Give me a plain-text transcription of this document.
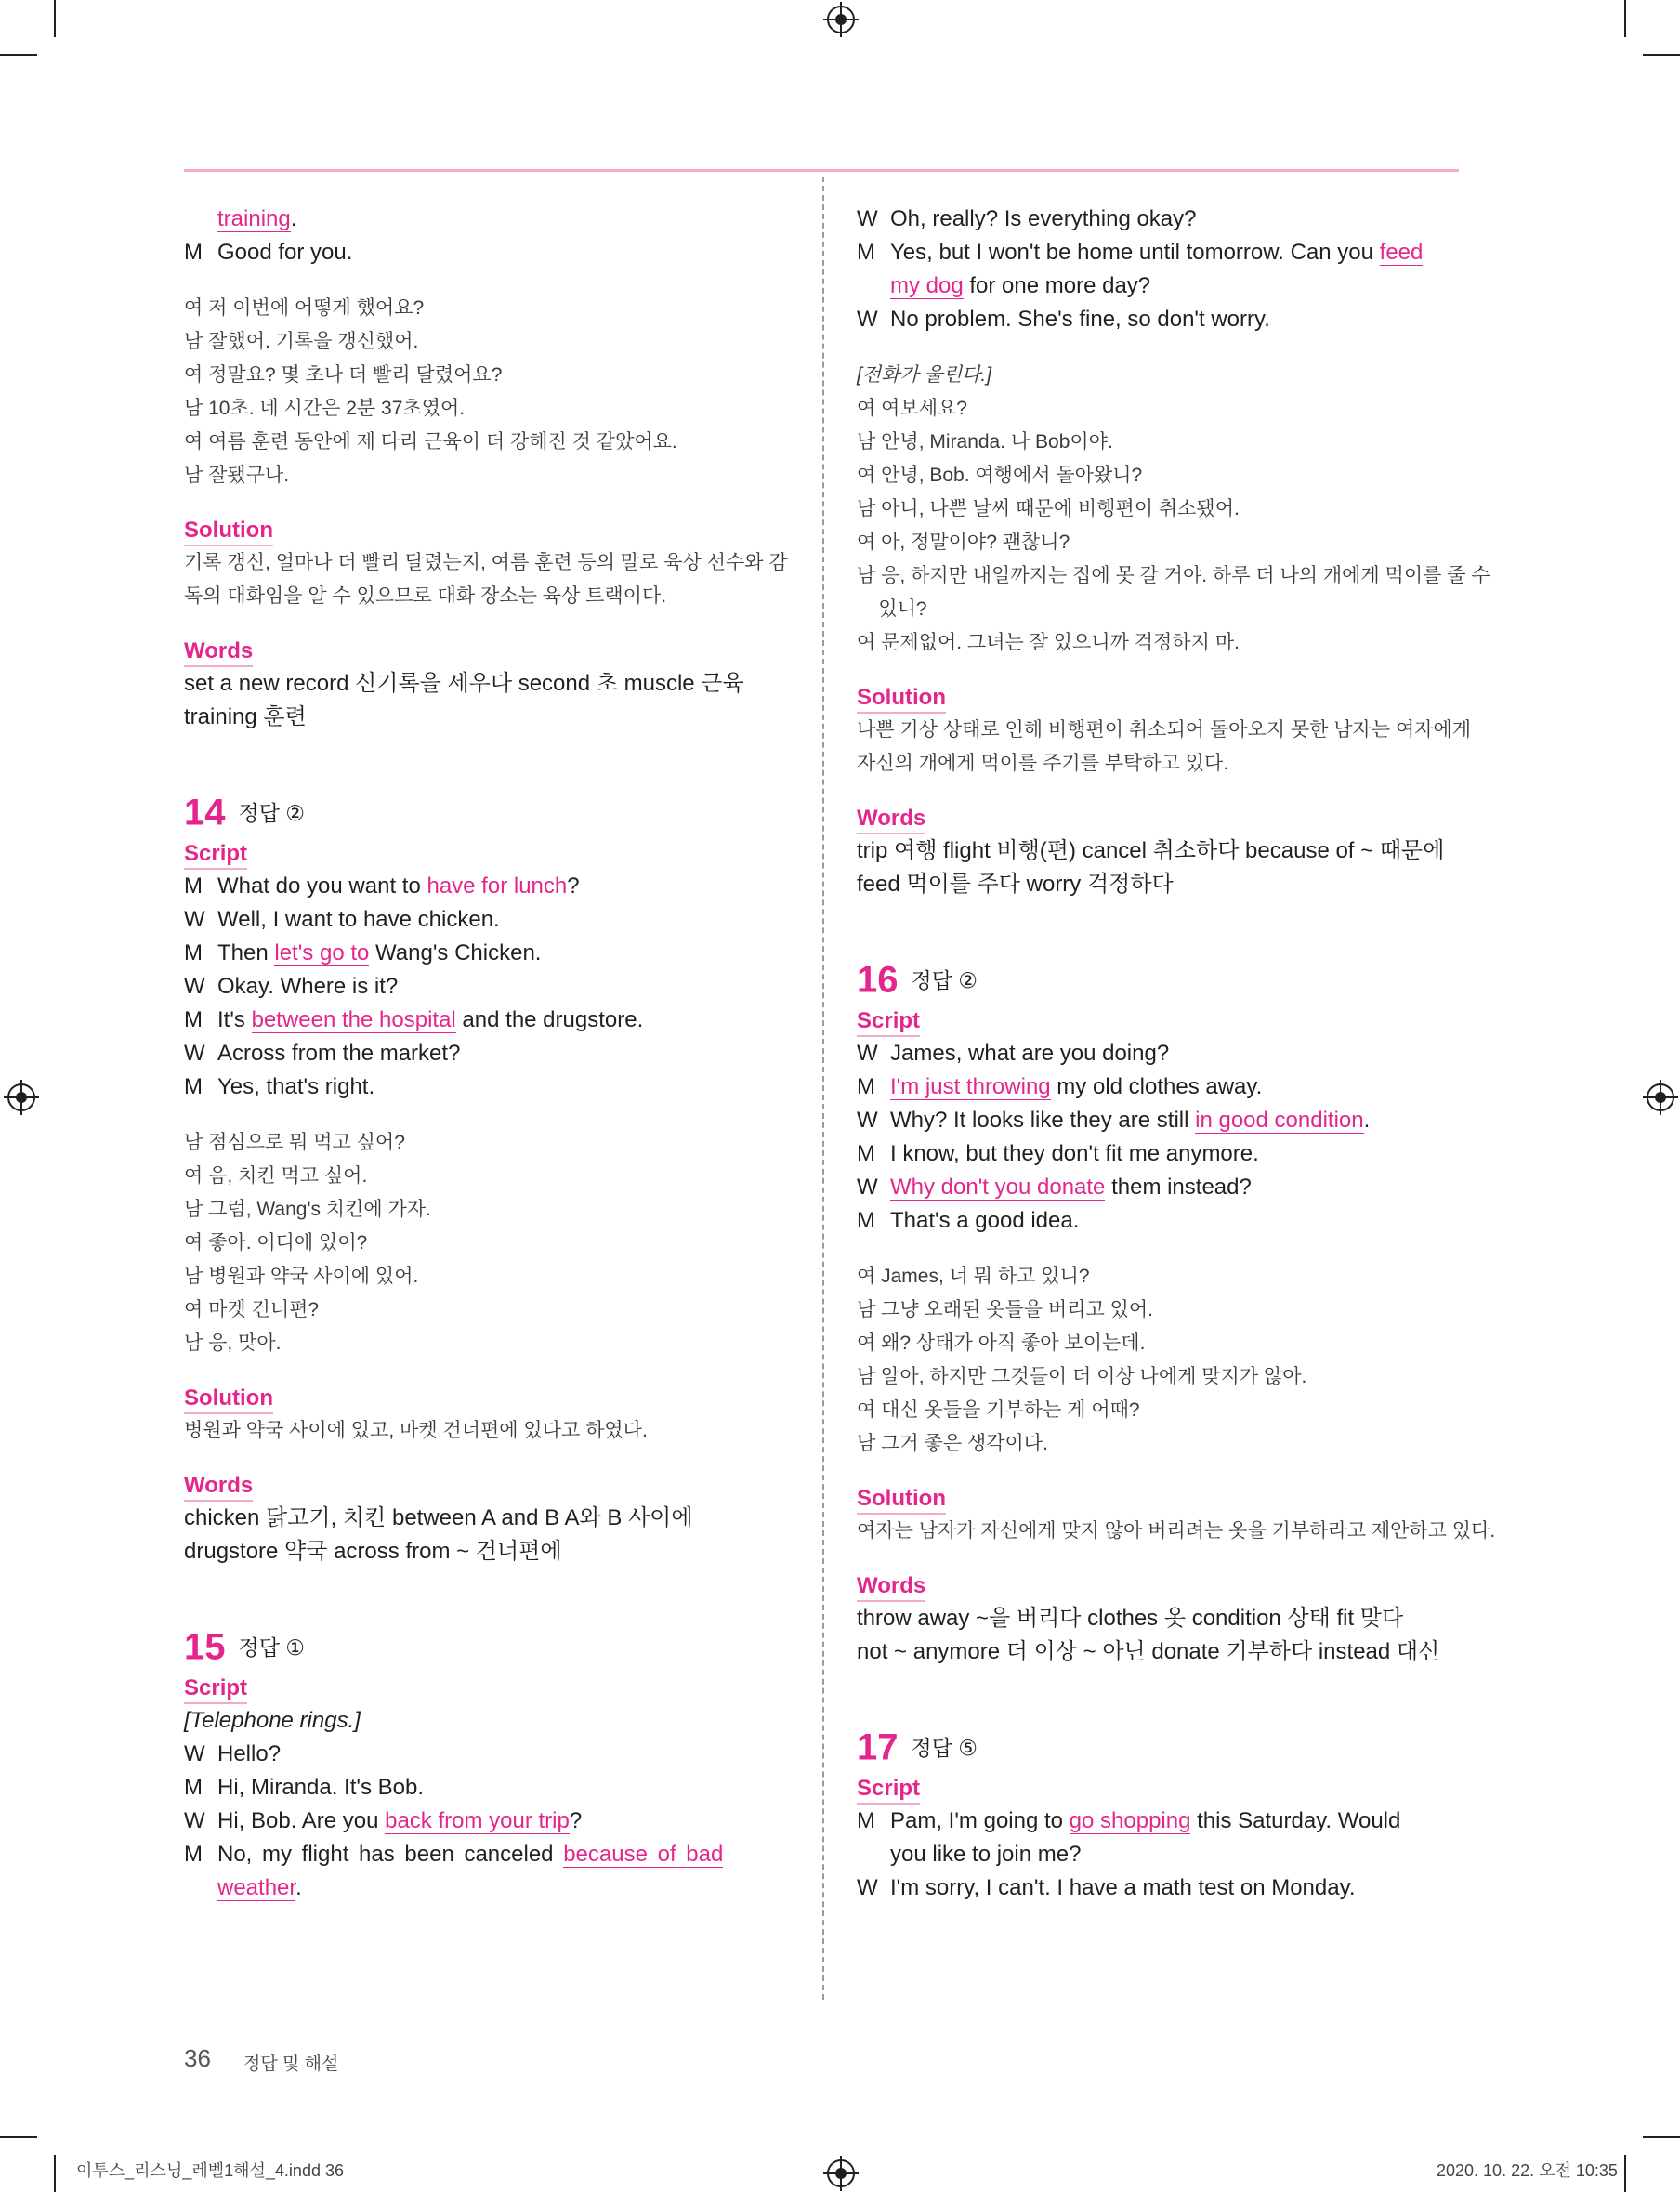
training.
M Good for you.
여 저 이번에 어떻게 했어요?
남 잘했어. 기록을 갱신했어.
여 정말요? 몇 초나 더 빨리 달렸어요?
남 10초. 네 시간은 2분 37초였어.
여 여름 훈련 동안에 제 다리 근육이 더 강해진 것 같았어요.
남 잘됐구나.
Solution
기록 갱신, 얼마나 더 빨리 달렸는지, 여름 훈련 등의 말로 육상 선수와 감
독의 대화임을 알 수 있으므로 대화 장소는 육상 트랙이다.
Words
set a new record 신기록을 세우다 second 초 muscle 근육
training 훈련
14 정답 ②
Script
M What do you want to have for lunch?
W Well, I want to have chicken.
M Then let's go to Wang's Chicken.
W Okay. Where is it?
M It's between the hospital and the drugstore.
W Across from the market?
M Yes, that's right.
남 점심으로 뭐 먹고 싶어?
여 음, 치킨 먹고 싶어.
남 그럼, Wang's 치킨에 가자.
여 좋아. 어디에 있어?
남 병원과 약국 사이에 있어.
여 마켓 건너편?
남 응, 맞아.
Solution
병원과 약국 사이에 있고, 마켓 건너편에 있다고 하였다.
Words
chicken 닭고기, 치킨 between A and B A와 B 사이에
drugstore 약국 across from ~ 건너편에
15 정답 ①
Script
[Telephone rings.]
W Hello?
M Hi, Miranda. It's Bob.
W Hi, Bob. Are you back from your trip?
M No, my flight has been canceled because of bad
weather.
W Oh, really? Is everything okay?
M Yes, but I won't be home until tomorrow. Can you feed
my dog for one more day?
W No problem. She's fine, so don't worry.
[전화가 울린다.]
여 여보세요?
남 안녕, Miranda. 나 Bob이야.
여 안녕, Bob. 여행에서 돌아왔니?
남 아니, 나쁜 날씨 때문에 비행편이 취소됐어.
여 아, 정말이야? 괜찮니?
남 응, 하지만 내일까지는 집에 못 갈 거야. 하루 더 나의 개에게 먹이를 줄 수
있니?
여 문제없어. 그녀는 잘 있으니까 걱정하지 마.
Solution
나쁜 기상 상태로 인해 비행편이 취소되어 돌아오지 못한 남자는 여자에게
자신의 개에게 먹이를 주기를 부탁하고 있다.
Words
trip 여행 flight 비행(편) cancel 취소하다 because of ~ 때문에
feed 먹이를 주다 worry 걱정하다
16 정답 ②
Script
W James, what are you doing?
M I'm just throwing my old clothes away.
W Why? It looks like they are still in good condition.
M I know, but they don't fit me anymore.
W Why don't you donate them instead?
M That's a good idea.
여 James, 너 뭐 하고 있니?
남 그냥 오래된 옷들을 버리고 있어.
여 왜? 상태가 아직 좋아 보이는데.
남 알아, 하지만 그것들이 더 이상 나에게 맞지가 않아.
여 대신 옷들을 기부하는 게 어때?
남 그거 좋은 생각이다.
Solution
여자는 남자가 자신에게 맞지 않아 버리려는 옷을 기부하라고 제안하고 있다.
Words
throw away ~을 버리다 clothes 옷 condition 상태 fit 맞다
not ~ anymore 더 이상 ~ 아닌 donate 기부하다 instead 대신
17 정답 ⑤
Script
M Pam, I'm going to go shopping this Saturday. Would
you like to join me?
W I'm sorry, I can't. I have a math test on Monday.
36 정답 및 해설
이투스_리스닝_레벨1해설_4.indd 36	2020. 10. 22. 오전 10:35
